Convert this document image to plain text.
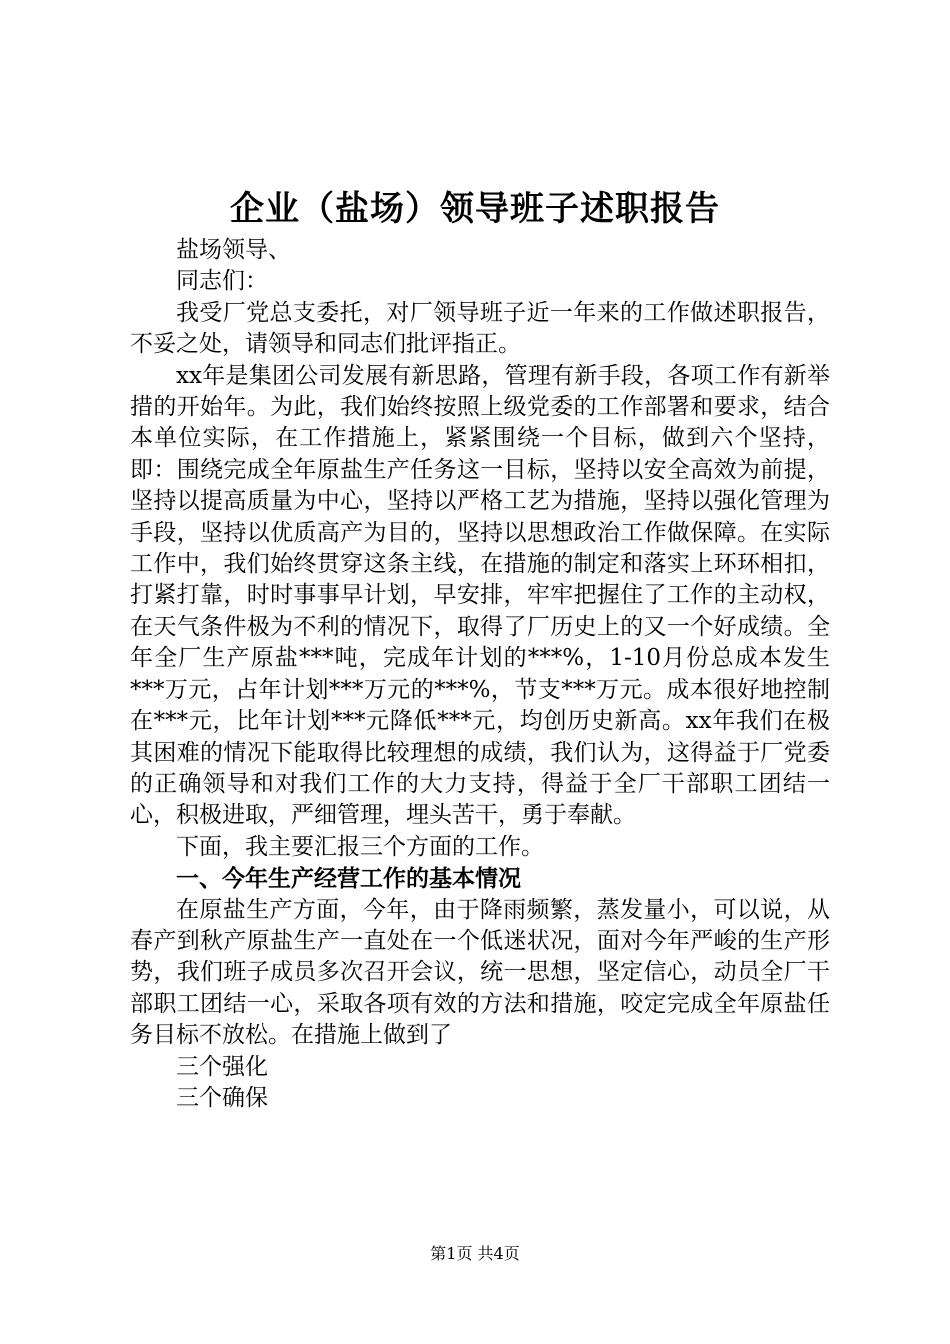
企业（盐场）领导班子述职报告

盐场领导、

同志们：

我受厂党总支委托，对厂领导班子近一年来的工作做述职报告，不妥之处，请领导和同志们批评指正。

xx年是集团公司发展有新思路，管理有新手段，各项工作有新举措的开始年。为此，我们始终按照上级党委的工作部署和要求，结合本单位实际，在工作措施上，紧紧围绕一个目标，做到六个坚持，即：围绕完成全年原盐生产任务这一目标，坚持以安全高效为前提，坚持以提高质量为中心，坚持以严格工艺为措施，坚持以强化管理为手段，坚持以优质高产为目的，坚持以思想政治工作做保障。在实际工作中，我们始终贯穿这条主线，在措施的制定和落实上环环相扣，打紧打靠，时时事事早计划，早安排，牢牢把握住了工作的主动权，在天气条件极为不利的情况下，取得了厂历史上的又一个好成绩。全年全厂生产原盐***吨，完成年计划的***%，1-10月份总成本发生***万元，占年计划***万元的***%，节支***万元。成本很好地控制在***元，比年计划***元降低***元，均创历史新高。xx年我们在极其困难的情况下能取得比较理想的成绩，我们认为，这得益于厂党委的正确领导和对我们工作的大力支持，得益于全厂干部职工团结一心，积极进取，严细管理，埋头苦干，勇于奉献。

下面，我主要汇报三个方面的工作。

一、今年生产经营工作的基本情况

在原盐生产方面，今年，由于降雨频繁，蒸发量小，可以说，从春产到秋产原盐生产一直处在一个低迷状况，面对今年严峻的生产形势，我们班子成员多次召开会议，统一思想，坚定信心，动员全厂干部职工团结一心，采取各项有效的方法和措施，咬定完成全年原盐任务目标不放松。在措施上做到了

三个强化

三个确保

第1页 共4页
